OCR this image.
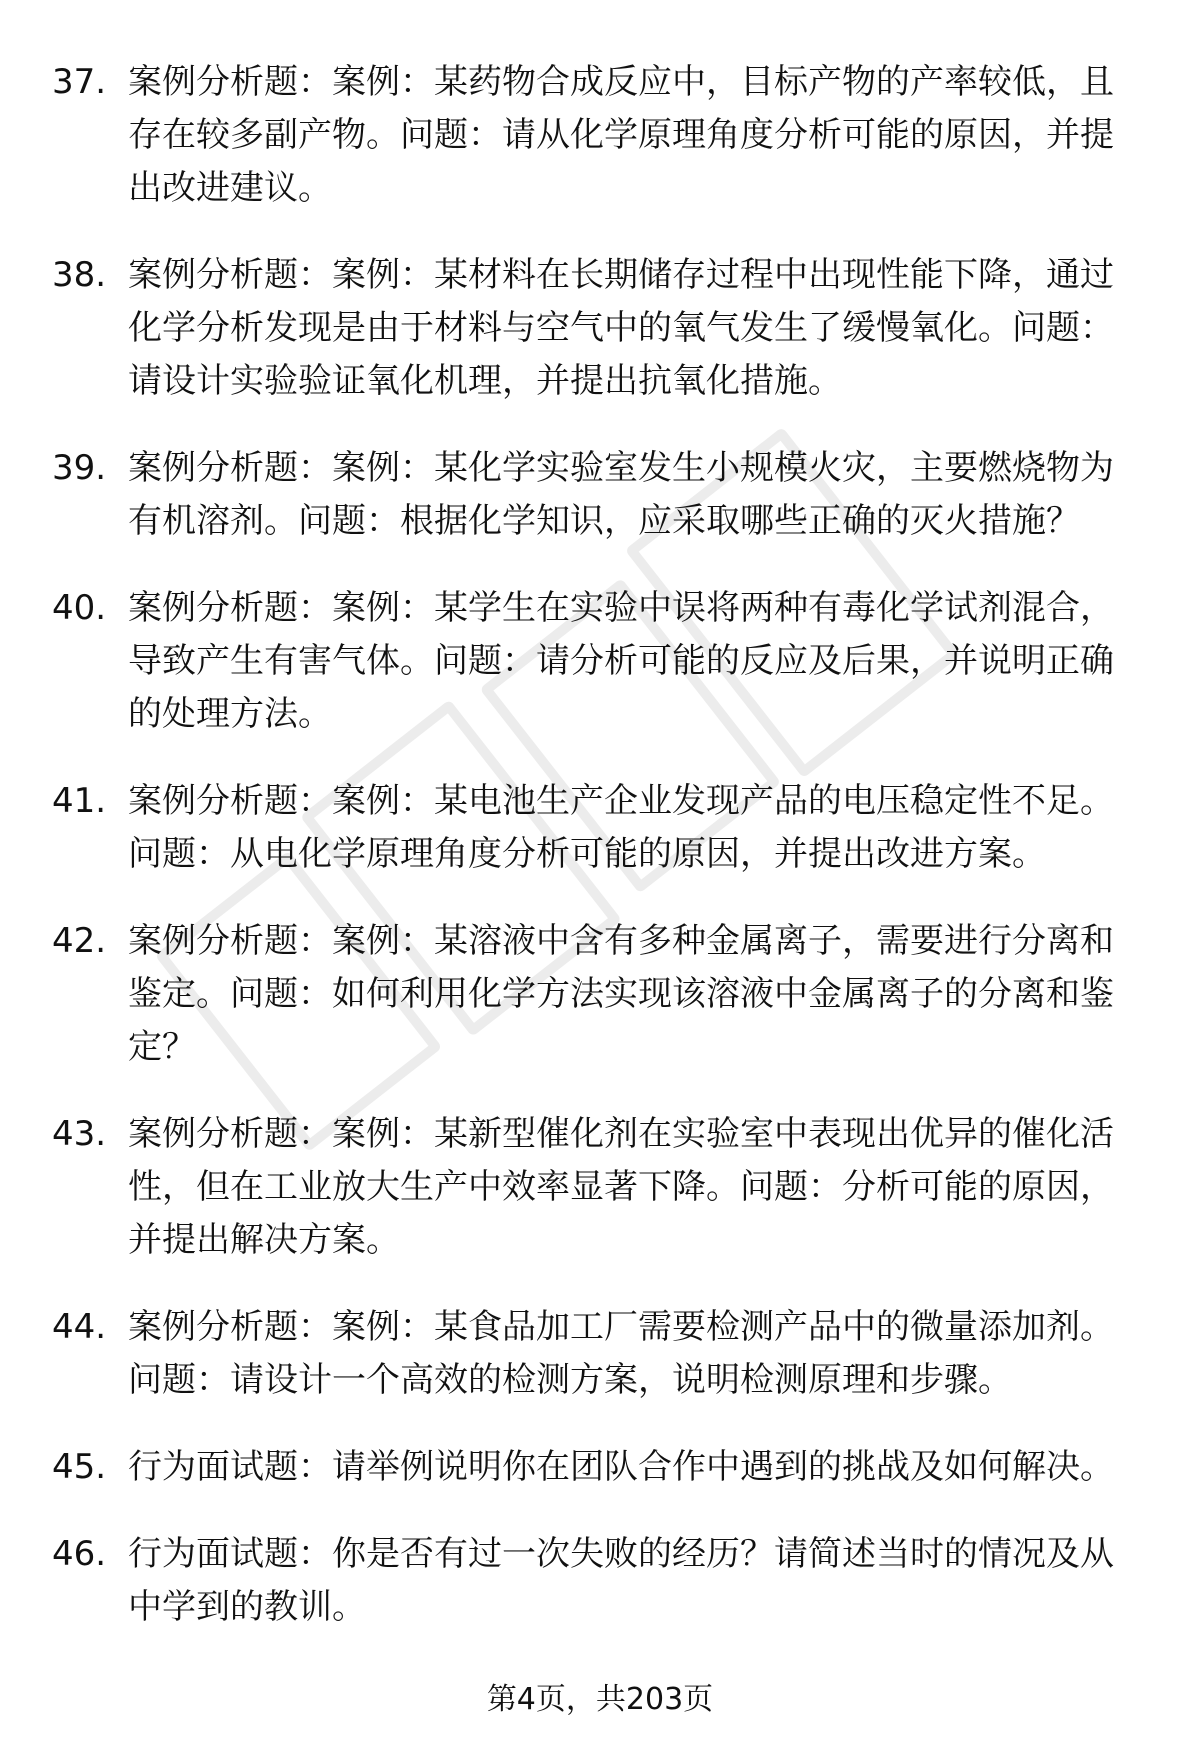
37. 案例分析题：案例：某药物合成反应中，目标产物的产率较低，且存在较多副产物。问题：请从化学原理角度分析可能的原因，并提出改进建议。
38. 案例分析题：案例：某材料在长期储存过程中出现性能下降，通过化学分析发现是由于材料与空气中的氧气发生了缓慢氧化。问题：请设计实验验证氧化机理，并提出抗氧化措施。
39. 案例分析题：案例：某化学实验室发生小规模火灾，主要燃烧物为有机溶剂。问题：根据化学知识，应采取哪些正确的灭火措施？
40. 案例分析题：案例：某学生在实验中误将两种有毒化学试剂混合，导致产生有害气体。问题：请分析可能的反应及后果，并说明正确的处理方法。
41. 案例分析题：案例：某电池生产企业发现产品的电压稳定性不足。问题：从电化学原理角度分析可能的原因，并提出改进方案。
42. 案例分析题：案例：某溶液中含有多种金属离子，需要进行分离和鉴定。问题：如何利用化学方法实现该溶液中金属离子的分离和鉴定？
43. 案例分析题：案例：某新型催化剂在实验室中表现出优异的催化活性，但在工业放大生产中效率显著下降。问题：分析可能的原因，并提出解决方案。
44. 案例分析题：案例：某食品加工厂需要检测产品中的微量添加剂。问题：请设计一个高效的检测方案，说明检测原理和步骤。
45. 行为面试题：请举例说明你在团队合作中遇到的挑战及如何解决。
46. 行为面试题：你是否有过一次失败的经历？请简述当时的情况及从中学到的教训。
第4页，共203页
